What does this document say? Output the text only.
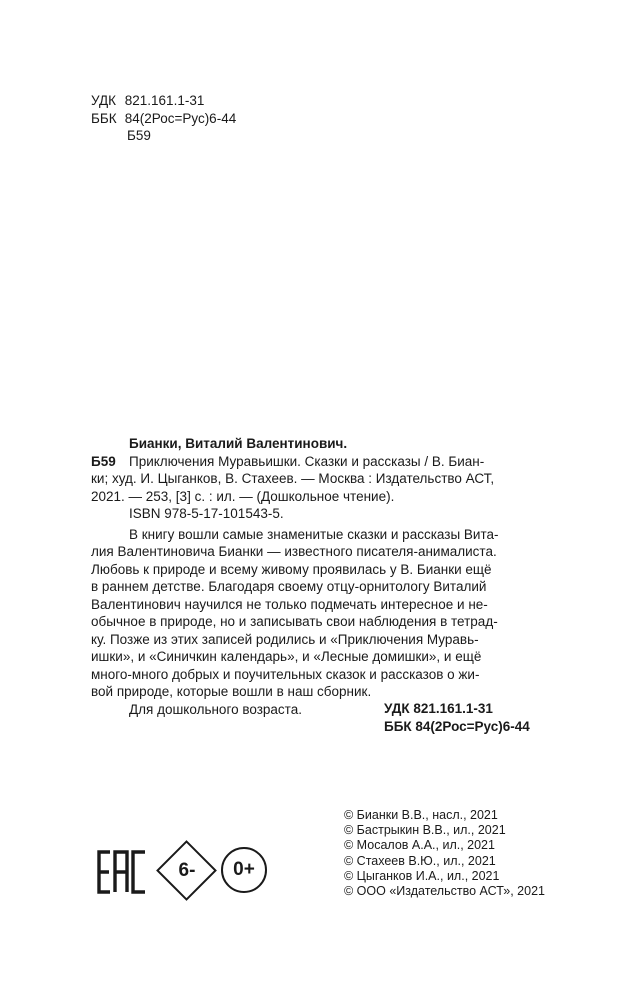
УДК 821.161.1-31
ББК 84(2Рос=Рус)6-44
Б59

Бианки, Виталий Валентинович.

Б59 Приключения Муравьишки. Сказки и рассказы / В. Биан-

ки; худ. И. Цыганков, В. Стахеев. — Москва : Издательство АСТ,

2021. — 253, [3] с. : ил. — (Дошкольное чтение).

ISBN 978-5-17-101543-5.

В книгу вошли самые знаменитые сказки и рассказы Вита-

лия Валентиновича Бианки — известного писателя-анималиста.

Любовь к природе и всему живому проявилась у В. Бианки ещё

в раннем детстве. Благодаря своему отцу-орнитологу Виталий

Валентинович научился не только подмечать интересное и не-

обычное в природе, но и записывать свои наблюдения в тетрад-

ку. Позже из этих записей родились и «Приключения Муравь-

ишки», и «Синичкин календарь», и «Лесные домишки», и ещё

много-много добрых и поучительных сказок и рассказов о жи-

вой природе, которые вошли в наш сборник.

Для дошкольного возраста.	УДК 821.161.1-31
ББК 84(2Рос=Рус)6-44
6-	0+
© Бианки В.В., насл., 2021
© Бастрыкин В.В., ил., 2021
© Мосалов А.А., ил., 2021
© Стахеев В.Ю., ил., 2021
© Цыганков И.А., ил., 2021
© ООО «Издательство АСТ», 2021
